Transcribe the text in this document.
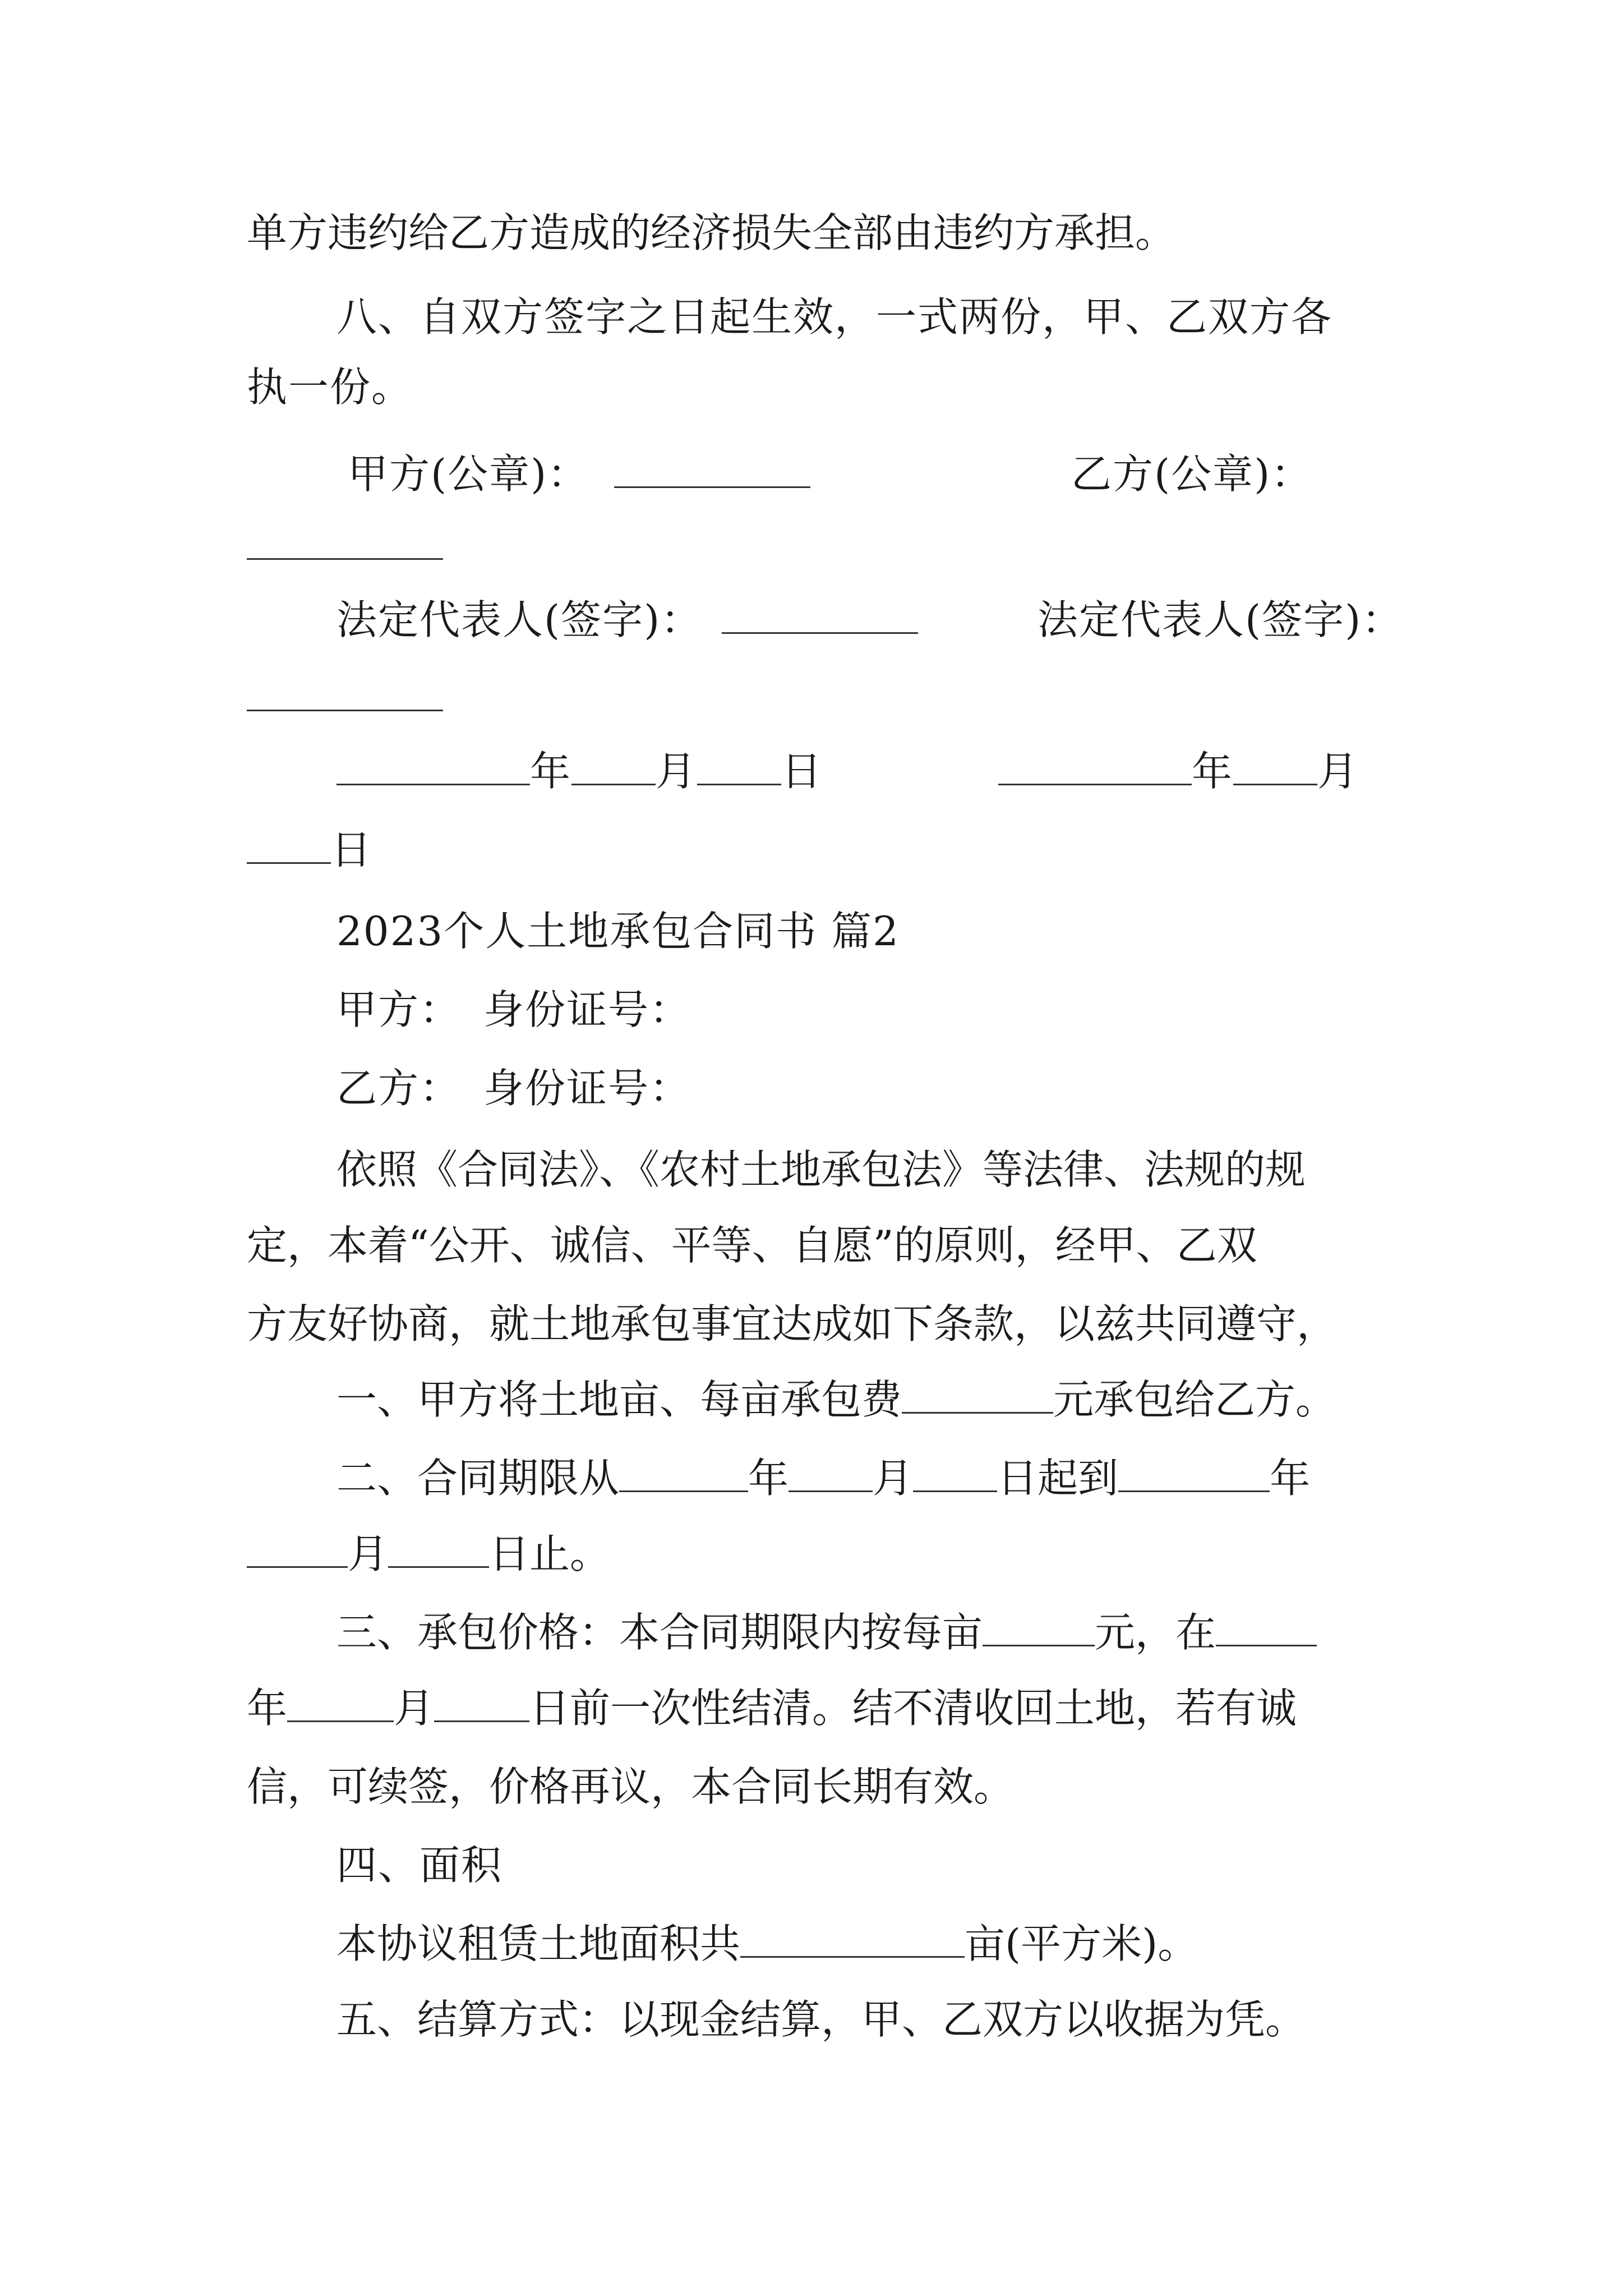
单方违约给乙方造成的经济损失全部由违约方承担。
八、自双方签字之日起生效，一式两份，甲、乙双方各
执一份。
甲方(公章)：	乙方(公章)：
法定代表人(签字)：	法定代表人(签字)：
年 月 日	年 月
日
2023个人土地承包合同书 篇2
甲方： 身份证号：
乙方： 身份证号：
依照《合同法》、《农村土地承包法》等法律、法规的规
定，本着“公开、诚信、平等、自愿”的原则，经甲、乙双
方友好协商，就土地承包事宜达成如下条款，以兹共同遵守，
一、甲方将土地亩、每亩承包费	元承包给乙方。
二、合同期限从	年 月 日起到	年
月	日止。
三、承包价格：本合同期限内按每亩	元，在
年	月 日前一次性结清。结不清收回土地，若有诚
信，可续签，价格再议，本合同长期有效。
四、面积
本协议租赁土地面积共	亩(平方米)。
五、结算方式：以现金结算，甲、乙双方以收据为凭。
